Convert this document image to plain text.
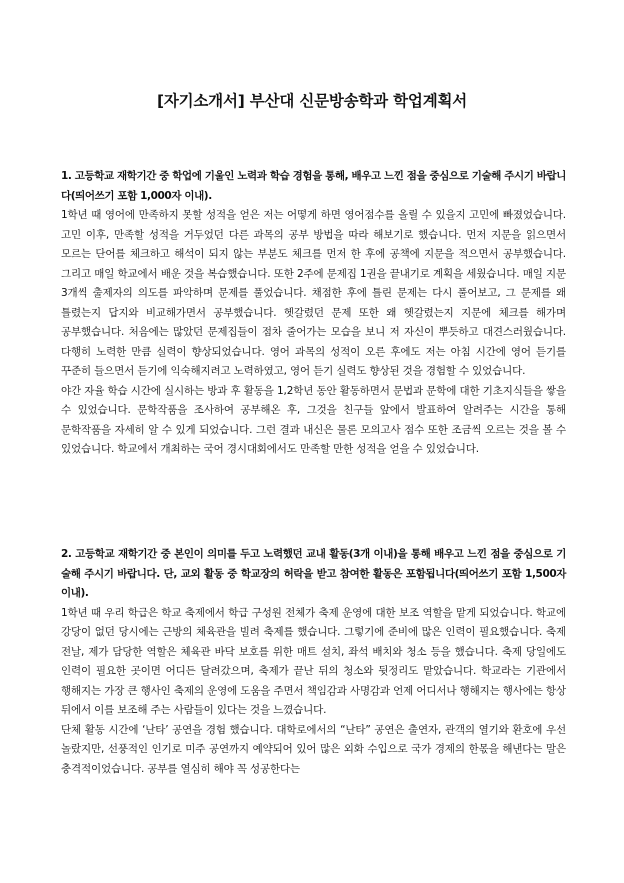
[자기소개서] 부산대 신문방송학과 학업계획서

1. 고등학교 재학기간 중 학업에 기울인 노력과 학습 경험을 통해, 배우고 느낀 점을 중심으로 기술해 주시기 바랍니다(띄어쓰기 포함 1,000자 이내).

1학년 때 영어에 만족하지 못할 성적을 얻은 저는 어떻게 하면 영어점수를 올릴 수 있을지 고민에 빠졌었습니다. 고민 이후, 만족할 성적을 거두었던 다른 과목의 공부 방법을 따라 해보기로 했습니다. 먼저 지문을 읽으면서 모르는 단어를 체크하고 해석이 되지 않는 부분도 체크를 먼저 한 후에 공책에 지문을 적으면서 공부했습니다. 그리고 매일 학교에서 배운 것을 복습했습니다. 또한 2주에 문제집 1권을 끝내기로 계획을 세웠습니다. 매일 지문 3개씩 출제자의 의도를 파악하며 문제를 풀었습니다. 채점한 후에 틀린 문제는 다시 풀어보고, 그 문제를 왜 틀렸는지 답지와 비교해가면서 공부했습니다. 헷갈렸던 문제 또한 왜 헷갈렸는지 지문에 체크를 해가며 공부했습니다. 처음에는 많았던 문제집들이 점차 줄어가는 모습을 보니 저 자신이 뿌듯하고 대견스러웠습니다. 다행히 노력한 만큼 실력이 향상되었습니다. 영어 과목의 성적이 오른 후에도 저는 아침 시간에 영어 듣기를 꾸준히 들으면서 듣기에 익숙해지려고 노력하였고, 영어 듣기 실력도 향상된 것을 경험할 수 있었습니다.

야간 자율 학습 시간에 실시하는 방과 후 활동을 1,2학년 동안 활동하면서 문법과 문학에 대한 기초지식들을 쌓을 수 있었습니다. 문학작품을 조사하여 공부해온 후, 그것을 친구들 앞에서 발표하여 알려주는 시간을 통해 문학작품을 자세히 알 수 있게 되었습니다. 그런 결과 내신은 물론 모의고사 점수 또한 조금씩 오르는 것을 볼 수 있었습니다. 학교에서 개최하는 국어 경시대회에서도 만족할 만한 성적을 얻을 수 있었습니다.

2. 고등학교 재학기간 중 본인이 의미를 두고 노력했던 교내 활동(3개 이내)을 통해 배우고 느낀 점을 중심으로 기술해 주시기 바랍니다. 단, 교외 활동 중 학교장의 허락을 받고 참여한 활동은 포함됩니다(띄어쓰기 포함 1,500자 이내).

1학년 때 우리 학급은 학교 축제에서 학급 구성원 전체가 축제 운영에 대한 보조 역할을 맡게 되었습니다. 학교에 강당이 없던 당시에는 근방의 체육관을 빌려 축제를 했습니다. 그렇기에 준비에 많은 인력이 필요했습니다. 축제 전날, 제가 담당한 역할은 체육관 바닥 보호를 위한 매트 설치, 좌석 배치와 청소 등을 했습니다. 축제 당일에도 인력이 필요한 곳이면 어디든 달려갔으며, 축제가 끝난 뒤의 청소와 뒷정리도 맡았습니다. 학교라는 기관에서 행해지는 가장 큰 행사인 축제의 운영에 도움을 주면서 책임감과 사명감과 언제 어디서나 행해지는 행사에는 항상 뒤에서 이를 보조해 주는 사람들이 있다는 것을 느꼈습니다.

단체 활동 시간에 ‘난타’ 공연을 경험 했습니다. 대학로에서의 “난타” 공연은 출연자, 관객의 열기와 환호에 우선 놀랐지만, 선풍적인 인기로 미주 공연까지 예약되어 있어 많은 외화 수입으로 국가 경제의 한몫을 해낸다는 말은 충격적이었습니다. 공부를 열심히 해야 꼭 성공한다는
